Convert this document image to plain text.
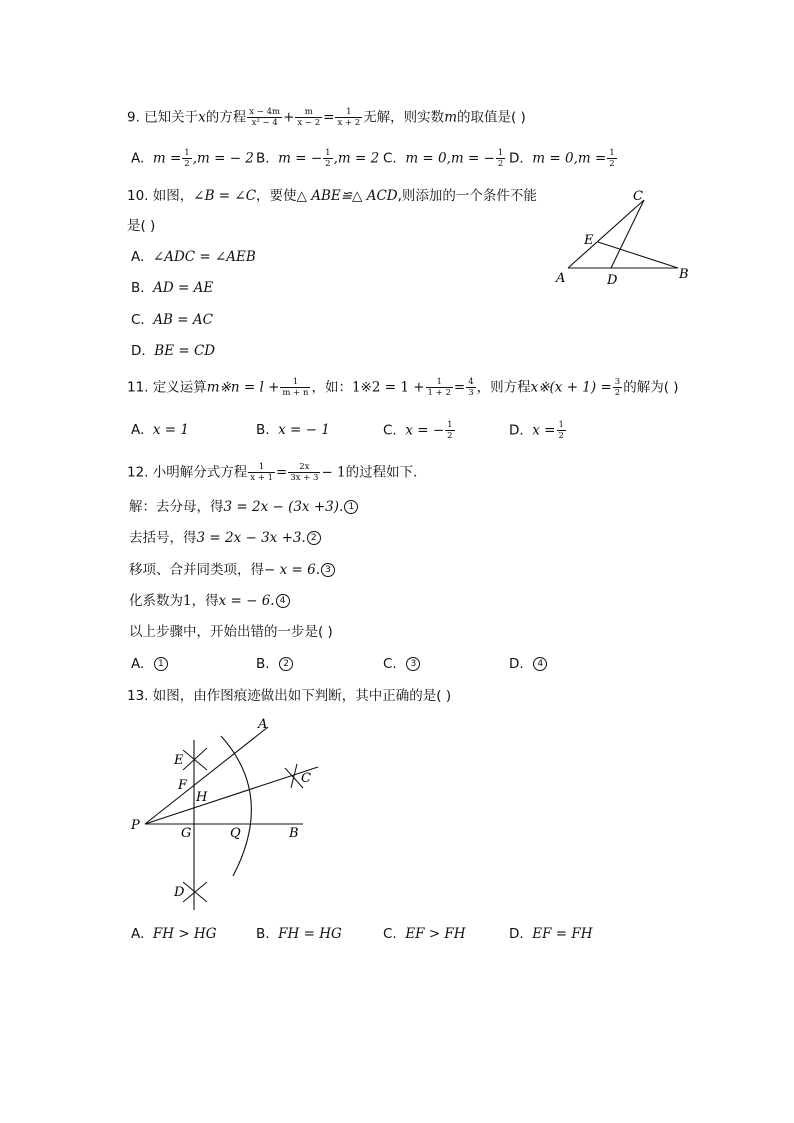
9. 已知关于x的方程 $\frac{x - 4m}{\text{x² − 4}} + \frac{m}{x - 2} = \frac{1}{x + 2}$ 无解，则实数m的取值是( )
A. $m = \frac{1}{2} ,m$ = − 2 B. m = − $\frac{1}{2} ,m = 2$ C. m = 0,m = − $\frac{1}{2} D$. $m = 0,m = \frac{1}{2}$
10. 如图，∠B = ∠C，要使△ ABE≌△ ACD,则添加的一个条件不能
是( )
A. ∠ADC = ∠AEB
B. AD = AE
C. AB = AC
D. BE = CD
C
E
A	D	B
11. 定义运算m※n = $l + \frac{1}{m + n}$ ，如：1※2 = $1 + \frac{1}{1 + 2} = \frac{4}{3}$ ，则方程x※(x + $1) = \frac{3}{2}$ 的解为( )
A. x = 1	B. x = − 1	C. x = − $\frac{1}{2}$	D. $x = \frac{1}{2}$
12. 小明解分式方程 $\frac{1}{x + 1} = \frac{2x}{3x + 3} - 1$的过程如下．
解：去分母，得3 = 2x − (3x +3). 1
去括号，得3 = 2x − 3x +3. 2
移项、合并同类项，得− x = 6. 3
化系数为1，得x = − 6. 4
以上步骤中，开始出错的一步是( )
A. 1	B. 2	C. 3	D. 4
13. 如图，由作图痕迹做出如下判断，其中正确的是( )
A
E
F
H
C
P
G	Q	B
D
A. FH > HG	B. FH = HG	C. EF > FH	D. EF = FH
